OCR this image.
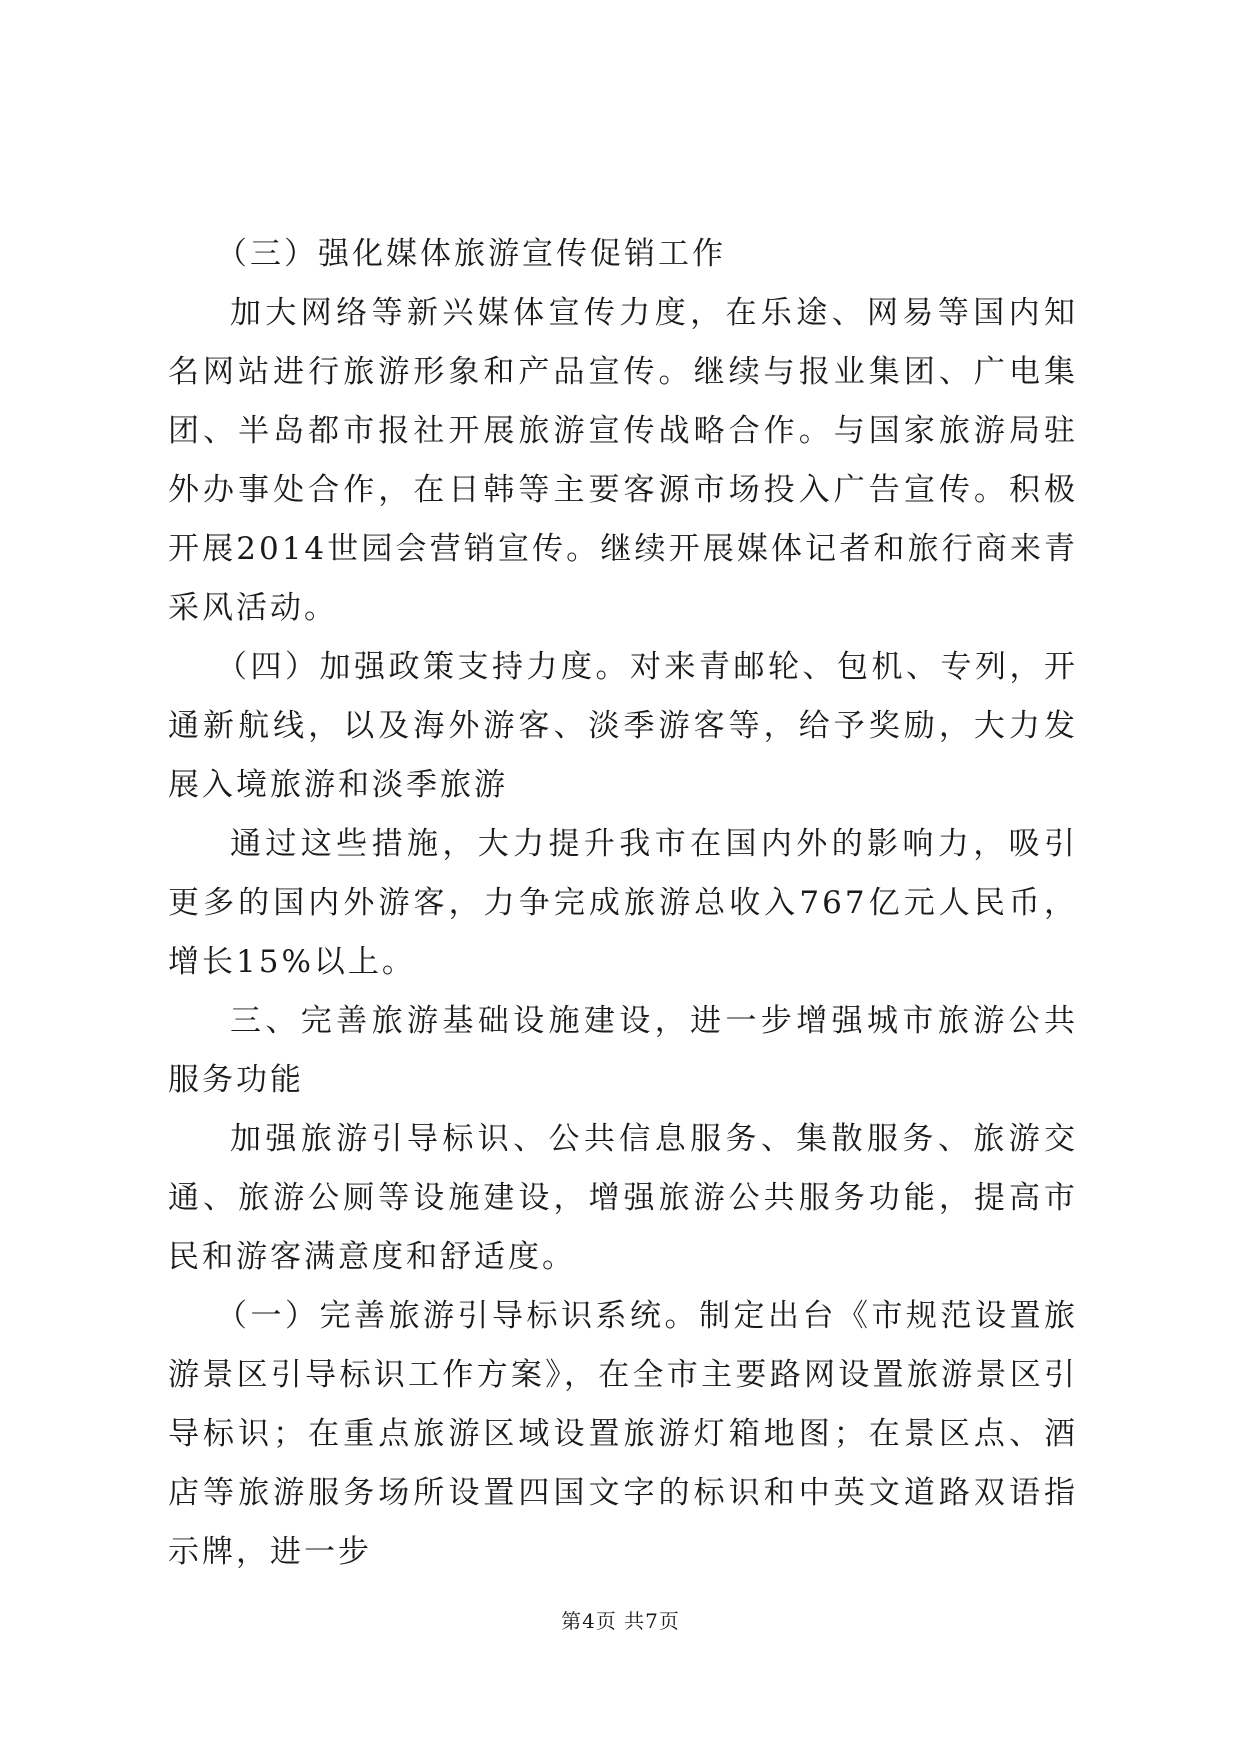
（三）强化媒体旅游宣传促销工作

加大网络等新兴媒体宣传力度，在乐途、网易等国内知名网站进行旅游形象和产品宣传。继续与报业集团、广电集团、半岛都市报社开展旅游宣传战略合作。与国家旅游局驻外办事处合作，在日韩等主要客源市场投入广告宣传。积极开展2014世园会营销宣传。继续开展媒体记者和旅行商来青采风活动。

（四）加强政策支持力度。对来青邮轮、包机、专列，开通新航线，以及海外游客、淡季游客等，给予奖励，大力发展入境旅游和淡季旅游

通过这些措施，大力提升我市在国内外的影响力，吸引更多的国内外游客，力争完成旅游总收入767亿元人民币，增长15%以上。

三、完善旅游基础设施建设，进一步增强城市旅游公共服务功能

加强旅游引导标识、公共信息服务、集散服务、旅游交通、旅游公厕等设施建设，增强旅游公共服务功能，提高市民和游客满意度和舒适度。

（一）完善旅游引导标识系统。制定出台《市规范设置旅游景区引导标识工作方案》，在全市主要路网设置旅游景区引导标识；在重点旅游区域设置旅游灯箱地图；在景区点、酒店等旅游服务场所设置四国文字的标识和中英文道路双语指示牌，进一步

第4页 共7页
